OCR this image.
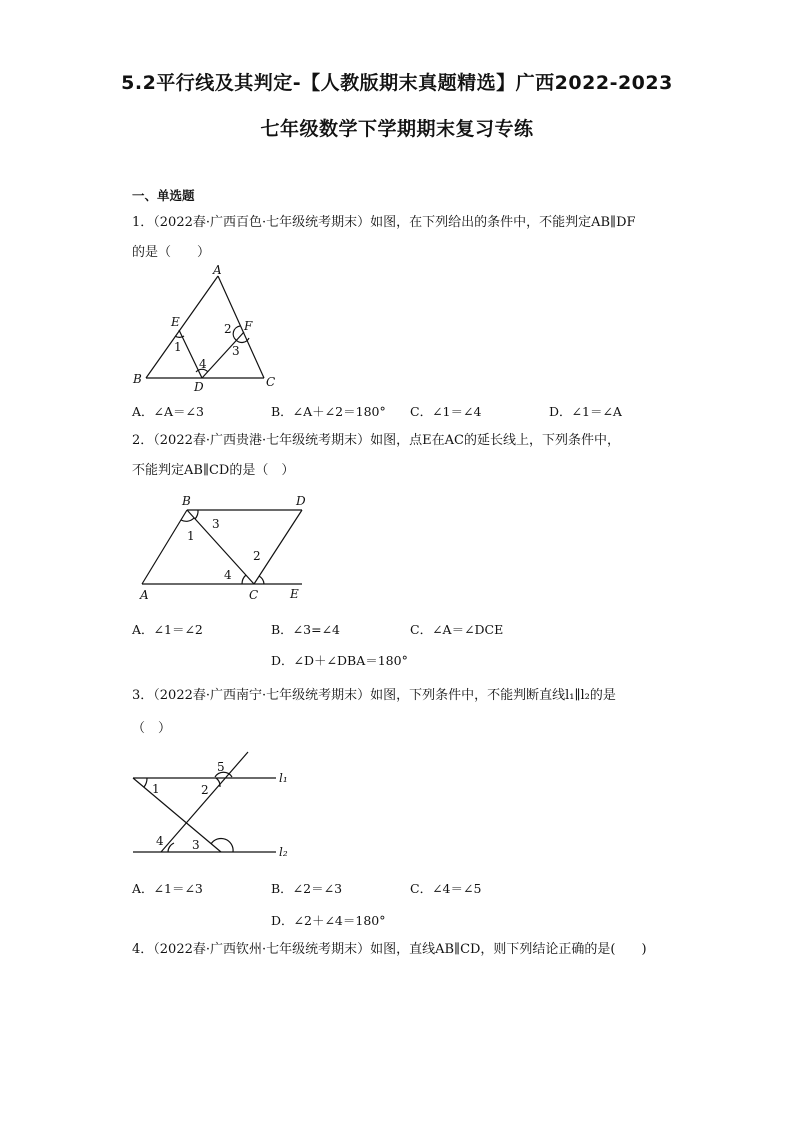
5.2平行线及其判定-【人教版期末真题精选】广西2022-2023
七年级数学下学期期末复习专练
一、单选题
1．（2022春·广西百色·七年级统考期末）如图，在下列给出的条件中，不能判定AB∥DF
的是（　　）
A
E	F
B
D	C
1
2
3
4
A．∠A＝∠3	B．∠A＋∠2＝180° C．∠1＝∠4	D．∠1＝∠A
2．（2022春·广西贵港·七年级统考期末）如图，点E在AC的延长线上，下列条件中，
不能判定AB∥CD的是（　）
B	D
A	C	E
1
2
3
4
A．∠1＝∠2	B．∠3=∠4	C．∠A＝∠DCE
D．∠D＋∠DBA＝180°
3．（2022春·广西南宁·七年级统考期末）如图，下列条件中，不能判断直线l₁∥l₂的是
（　）
l₁
l₂
1	2
3
4
5
A．∠1＝∠3	B．∠2＝∠3	C．∠4＝∠5
D．∠2＋∠4＝180°
4．（2022春·广西钦州·七年级统考期末）如图，直线AB∥CD，则下列结论正确的是(　　)
